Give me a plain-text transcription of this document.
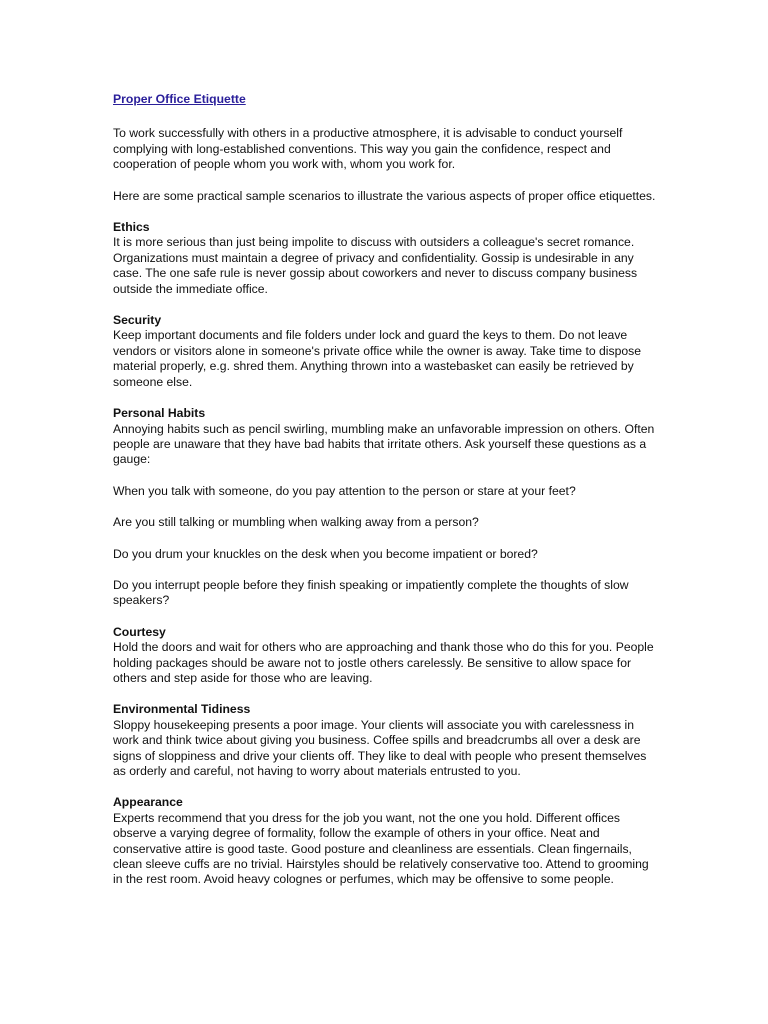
Proper Office Etiquette

To work successfully with others in a productive atmosphere, it is advisable to conduct yourself complying with long-established conventions. This way you gain the confidence, respect and cooperation of people whom you work with, whom you work for.

Here are some practical sample scenarios to illustrate the various aspects of proper office etiquettes.

Ethics

It is more serious than just being impolite to discuss with outsiders a colleague's secret romance. Organizations must maintain a degree of privacy and confidentiality. Gossip is undesirable in any case. The one safe rule is never gossip about coworkers and never to discuss company business outside the immediate office.

Security

Keep important documents and file folders under lock and guard the keys to them. Do not leave vendors or visitors alone in someone's private office while the owner is away. Take time to dispose material properly, e.g. shred them. Anything thrown into a wastebasket can easily be retrieved by someone else.

Personal Habits

Annoying habits such as pencil swirling, mumbling make an unfavorable impression on others. Often people are unaware that they have bad habits that irritate others. Ask yourself these questions as a gauge:

When you talk with someone, do you pay attention to the person or stare at your feet?

Are you still talking or mumbling when walking away from a person?

Do you drum your knuckles on the desk when you become impatient or bored?

Do you interrupt people before they finish speaking or impatiently complete the thoughts of slow speakers?

Courtesy

Hold the doors and wait for others who are approaching and thank those who do this for you. People holding packages should be aware not to jostle others carelessly. Be sensitive to allow space for others and step aside for those who are leaving.

Environmental Tidiness

Sloppy housekeeping presents a poor image. Your clients will associate you with carelessness in work and think twice about giving you business. Coffee spills and breadcrumbs all over a desk are signs of sloppiness and drive your clients off. They like to deal with people who present themselves as orderly and careful, not having to worry about materials entrusted to you.

Appearance

Experts recommend that you dress for the job you want, not the one you hold. Different offices observe a varying degree of formality, follow the example of others in your office. Neat and conservative attire is good taste. Good posture and cleanliness are essentials. Clean fingernails, clean sleeve cuffs are no trivial. Hairstyles should be relatively conservative too. Attend to grooming in the rest room. Avoid heavy colognes or perfumes, which may be offensive to some people.
